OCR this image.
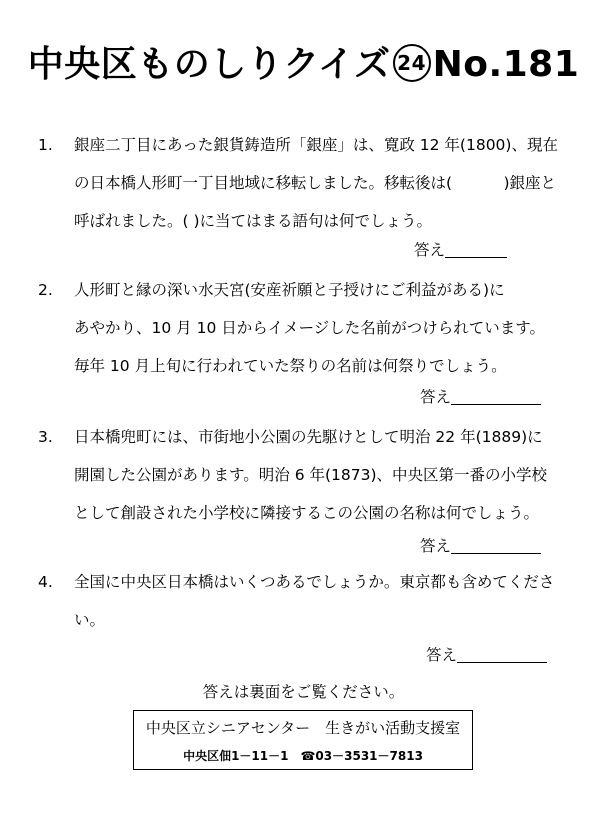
中央区ものしりクイズ 24 No.181
1. 銀座二丁目にあった銀貨鋳造所「銀座」は、寛政 12 年(1800)、現在
の日本橋人形町一丁目地域に移転しました。移転後は(　　　 )銀座と
呼ばれました。( )に当てはまる語句は何でしょう。
答え
2. 人形町と縁の深い水天宮(安産祈願と子授けにご利益がある)に
あやかり、10 月 10 日からイメージした名前がつけられています。
毎年 10 月上旬に行われていた祭りの名前は何祭りでしょう。
答え
3. 日本橋兜町には、市街地小公園の先駆けとして明治 22 年(1889)に
開園した公園があります。明治 6 年(1873)、中央区第一番の小学校
として創設された小学校に隣接するこの公園の名称は何でしょう。
答え
4. 全国に中央区日本橋はいくつあるでしょうか。東京都も含めてくださ
い。
答え
答えは裏面をご覧ください。
中央区立シニアセンター　生きがい活動支援室
中央区佃1－11－1　☎03－3531－7813
